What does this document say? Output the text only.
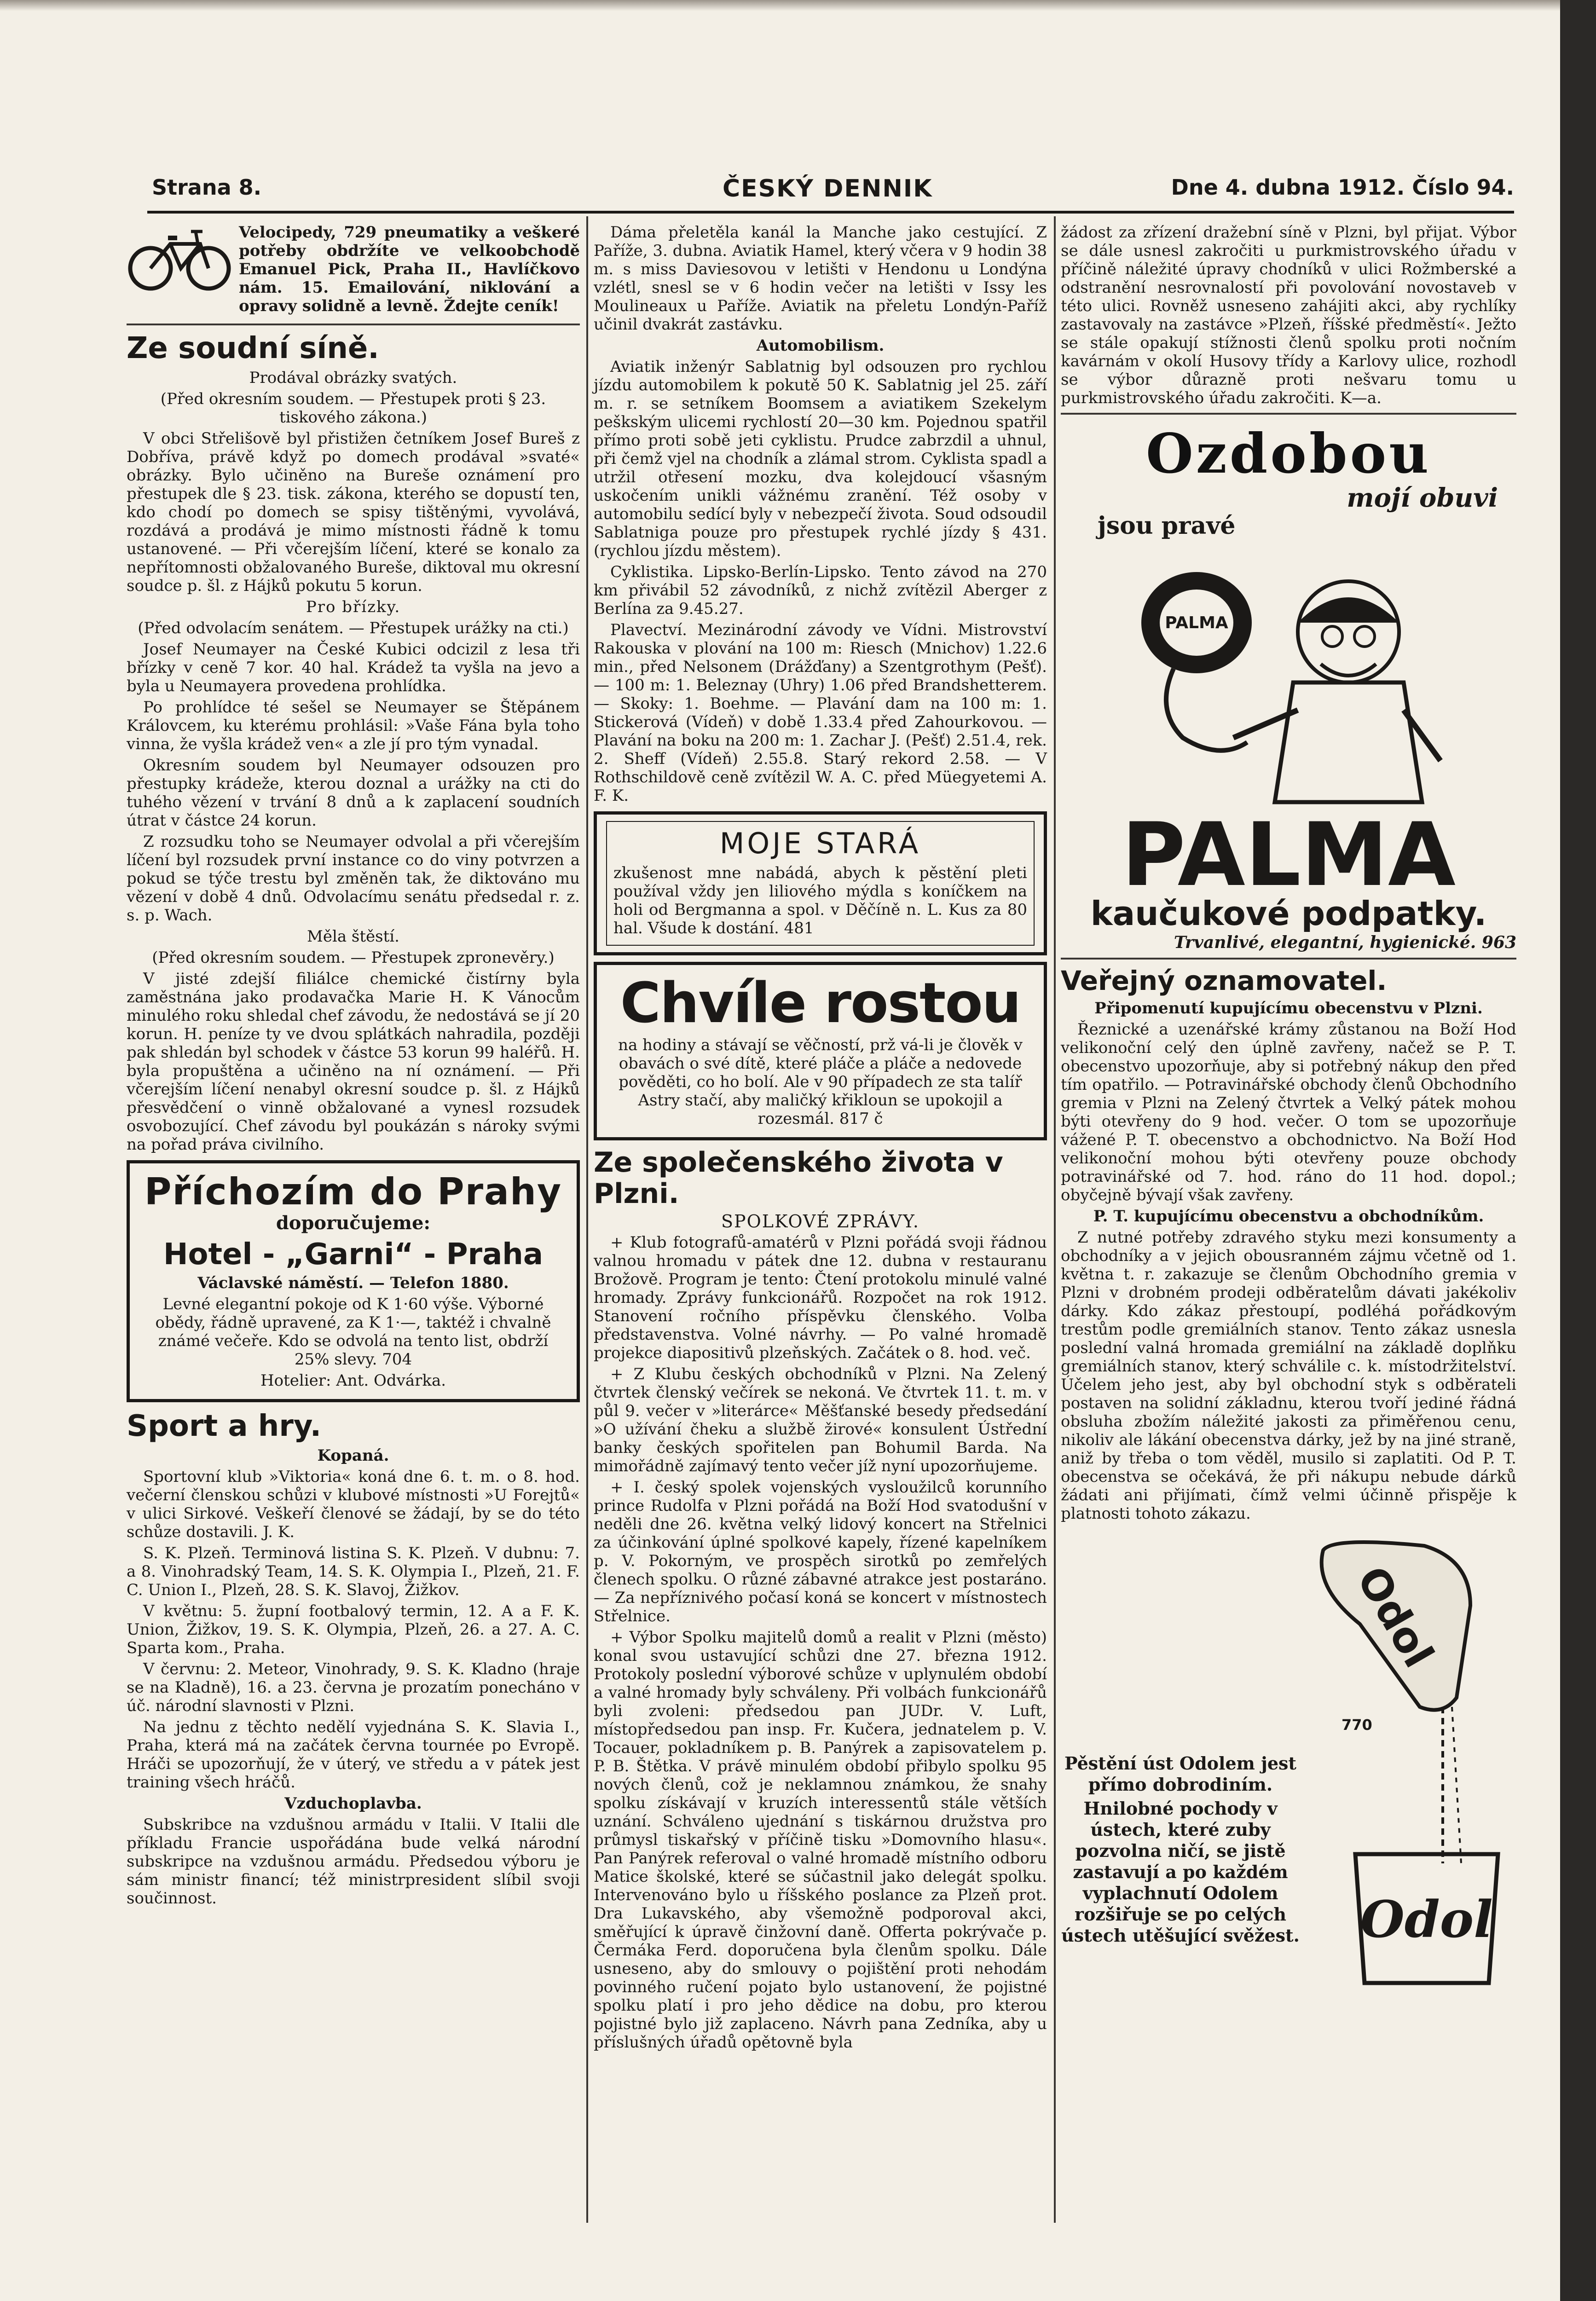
Strana 8.	ČESKÝ DENNIK	Dne 4. dubna 1912. Číslo 94.

Velocipedy, 729 pneumatiky a veškeré potřeby obdržíte ve velkoobchodě Emanuel Pick, Praha II., Havlíčkovo nám. 15. Emailování, niklování a opravy solidně a levně. Ždejte ceník!

Ze soudní síně.

Prodával obrázky svatých.

(Před okresním soudem. — Přestupek proti § 23. tiskového zákona.)

V obci Střelišově byl přistižen četníkem Josef Bureš z Dobříva, právě když po domech prodával »svaté« obrázky. Bylo učiněno na Bureše oznámení pro přestupek dle § 23. tisk. zákona, kterého se dopustí ten, kdo chodí po domech se spisy tištěnými, vyvolává, rozdává a prodává je mimo místnosti řádně k tomu ustanovené. — Při včerejším líčení, které se konalo za nepřítomnosti obžalovaného Bureše, diktoval mu okresní soudce p. šl. z Hájků pokutu 5 korun.

Pro břízky.

(Před odvolacím senátem. — Přestupek urážky na cti.)

Josef Neumayer na České Kubici odcizil z lesa tři břízky v ceně 7 kor. 40 hal. Krádež ta vyšla na jevo a byla u Neumayera provedena prohlídka.

Po prohlídce té sešel se Neumayer se Štěpánem Královcem, ku kterému prohlásil: »Vaše Fána byla toho vinna, že vyšla krádež ven« a zle jí pro tým vynadal.

Okresním soudem byl Neumayer odsouzen pro přestupky krádeže, kterou doznal a urážky na cti do tuhého vězení v trvání 8 dnů a k zaplacení soudních útrat v částce 24 korun.

Z rozsudku toho se Neumayer odvolal a při včerejším líčení byl rozsudek první instance co do viny potvrzen a pokud se týče trestu byl změněn tak, že diktováno mu vězení v době 4 dnů. Odvolacímu senátu předsedal r. z. s. p. Wach.

Měla štěstí.

(Před okresním soudem. — Přestupek zpronevěry.)

V jisté zdejší filiálce chemické čistírny byla zaměstnána jako prodavačka Marie H. K Vánocům minulého roku shledal chef závodu, že nedostává se jí 20 korun. H. peníze ty ve dvou splátkách nahradila, později pak shledán byl schodek v částce 53 korun 99 haléřů. H. byla propuštěna a učiněno na ní oznámení. — Při včerejším líčení nenabyl okresní soudce p. šl. z Hájků přesvědčení o vinně obžalované a vynesl rozsudek osvobozující. Chef závodu byl poukázán s nároky svými na pořad práva civilního.

Příchozím do Prahy

doporučujeme:

Hotel - „Garni“ - Praha

Václavské náměstí. — Telefon 1880.

Levné elegantní pokoje od K 1·60 výše. Výborné obědy, řádně upravené, za K 1·—, taktéž i chvalně známé večeře. Kdo se odvolá na tento list, obdrží 25% slevy. 704

Hotelier: Ant. Odvárka.

Sport a hry.

Kopaná.

Sportovní klub »Viktoria« koná dne 6. t. m. o 8. hod. večerní členskou schůzi v klubové místnosti »U Forejtů« v ulici Sirkové. Veškeří členové se žádají, by se do této schůze dostavili. J. K.

S. K. Plzeň. Terminová listina S. K. Plzeň. V dubnu: 7. a 8. Vinohradský Team, 14. S. K. Olympia I., Plzeň, 21. F. C. Union I., Plzeň, 28. S. K. Slavoj, Žižkov.

V květnu: 5. župní footbalový termin, 12. A a F. K. Union, Žižkov, 19. S. K. Olympia, Plzeň, 26. a 27. A. C. Sparta kom., Praha.

V červnu: 2. Meteor, Vinohrady, 9. S. K. Kladno (hraje se na Kladně), 16. a 23. června je prozatím ponecháno v úč. národní slavnosti v Plzni.

Na jednu z těchto nedělí vyjednána S. K. Slavia I., Praha, která má na začátek června tournée po Evropě. Hráči se upozorňují, že v úterý, ve středu a v pátek jest training všech hráčů.

Vzduchoplavba.

Subskribce na vzdušnou armádu v Italii. V Italii dle příkladu Francie uspořádána bude velká národní subskripce na vzdušnou armádu. Předsedou výboru je sám ministr financí; též ministrpresident slíbil svoji součinnost.

Dáma přeletěla kanál la Manche jako cestující. Z Paříže, 3. dubna. Aviatik Hamel, který včera v 9 hodin 38 m. s miss Daviesovou v letišti v Hendonu u Londýna vzlétl, snesl se v 6 hodin večer na letišti v Issy les Moulineaux u Paříže. Aviatik na přeletu Londýn-Paříž učinil dvakrát zastávku.

Automobilism.

Aviatik inženýr Sablatnig byl odsouzen pro rychlou jízdu automobilem k pokutě 50 K. Sablatnig jel 25. září m. r. se setníkem Boomsem a aviatikem Szekelym peškským ulicemi rychlostí 20—30 km. Pojednou spatřil přímo proti sobě jeti cyklistu. Prudce zabrzdil a uhnul, při čemž vjel na chodník a zlámal strom. Cyklista spadl a utržil otřesení mozku, dva kolejdoucí všasným uskočením unikli vážnému zranění. Též osoby v automobilu sedící byly v nebezpečí života. Soud odsoudil Sablatniga pouze pro přestupek rychlé jízdy § 431. (rychlou jízdu městem).

Cyklistika. Lipsko-Berlín-Lipsko. Tento závod na 270 km přivábil 52 závodníků, z nichž zvítězil Aberger z Berlína za 9.45.27.

Plavectví. Mezinárodní závody ve Vídni. Mistrovství Rakouska v plování na 100 m: Riesch (Mnichov) 1.22.6 min., před Nelsonem (Drážďany) a Szentgrothym (Pešť). — 100 m: 1. Beleznay (Uhry) 1.06 před Brandshetterem. — Skoky: 1. Boehme. — Plavání dam na 100 m: 1. Stickerová (Vídeň) v době 1.33.4 před Zahourkovou. — Plavání na boku na 200 m: 1. Zachar J. (Pešť) 2.51.4, rek. 2. Sheff (Vídeň) 2.55.8. Starý rekord 2.58. — V Rothschildově ceně zvítězil W. A. C. před Müegyetemi A. F. K.

MOJE STARÁ

zkušenost mne nabádá, abych k pěstění pleti používal vždy jen liliového mýdla s koníčkem na holi od Bergmanna a spol. v Děčíně n. L. Kus za 80 hal. Všude k dostání. 481

Chvíle rostou

na hodiny a stávají se věčností, prž vá-li je člověk v obavách o své dítě, které pláče a pláče a nedovede pověděti, co ho bolí. Ale v 90 případech ze sta talíř Astry stačí, aby maličký křikloun se upokojil a rozesmál. 817 č

Ze společenského života v Plzni.

SPOLKOVÉ ZPRÁVY.

+ Klub fotografů-amatérů v Plzni pořádá svoji řádnou valnou hromadu v pátek dne 12. dubna v restauranu Brožově. Program je tento: Čtení protokolu minulé valné hromady. Zprávy funkcionářů. Rozpočet na rok 1912. Stanovení ročního příspěvku členského. Volba představenstva. Volné návrhy. — Po valné hromadě projekce diapositivů plzeňských. Začátek o 8. hod. več.

+ Z Klubu českých obchodníků v Plzni. Na Zelený čtvrtek členský večírek se nekoná. Ve čtvrtek 11. t. m. v půl 9. večer v »literárce« Měšťanské besedy předsedání »O užívání čheku a službě žirové« konsulent Ústřední banky českých spořitelen pan Bohumil Barda. Na mimořádně zajímavý tento večer jíž nyní upozorňujeme.

+ I. český spolek vojenských vysloužilců korunního prince Rudolfa v Plzni pořádá na Boží Hod svatodušní v neděli dne 26. května velký lidový koncert na Střelnici za účinkování úplné spolkové kapely, řízené kapelníkem p. V. Pokorným, ve prospěch sirotků po zemřelých členech spolku. O různé zábavné atrakce jest postaráno. — Za nepříznivého počasí koná se koncert v místnostech Střelnice.

+ Výbor Spolku majitelů domů a realit v Plzni (město) konal svou ustavující schůzi dne 27. března 1912. Protokoly poslední výborové schůze v uplynulém období a valné hromady byly schváleny. Při volbách funkcionářů byli zvoleni: předsedou pan JUDr. V. Luft, místopředsedou pan insp. Fr. Kučera, jednatelem p. V. Tocauer, pokladníkem p. B. Panýrek a zapisovatelem p. P. B. Štětka. V právě minulém období přibylo spolku 95 nových členů, což je neklamnou známkou, že snahy spolku získávají v kruzích interessentů stále větších uznání. Schváleno ujednání s tiskárnou družstva pro průmysl tiskařský v příčině tisku »Domovního hlasu«. Pan Panýrek referoval o valné hromadě místního odboru Matice školské, které se súčastnil jako delegát spolku. Intervenováno bylo u říšského poslance za Plzeň prot. Dra Lukavského, aby všemožně podporoval akci, směřující k úpravě činžovní daně. Offerta pokrývače p. Čermáka Ferd. doporučena byla členům spolku. Dále usneseno, aby do smlouvy o pojištění proti nehodám povinného ručení pojato bylo ustanovení, že pojistné spolku platí i pro jeho dědice na dobu, pro kterou pojistné bylo již zaplaceno. Návrh pana Zedníka, aby u příslušných úřadů opětovně byla

žádost za zřízení dražební síně v Plzni, byl přijat. Výbor se dále usnesl zakročiti u purkmistrovského úřadu v příčině náležité úpravy chodníků v ulici Rožmberské a odstranění nesrovnalostí při povolování novostaveb v této ulici. Rovněž usneseno zahájiti akci, aby rychlíky zastavovaly na zastávce »Plzeň, říšské předměstí«. Ježto se stále opakují stížnosti členů spolku proti nočním kavárnám v okolí Husovy třídy a Karlovy ulice, rozhodl se výbor důrazně proti nešvaru tomu u purkmistrovského úřadu zakročiti. K—a.

Ozdobou
mojí obuvi
jsou pravé
PALMA
PALMA
kaučukové podpatky.
Trvanlivé, elegantní, hygienické. 963
Veřejný oznamovatel.

Připomenutí kupujícímu obecenstvu v Plzni.

Řeznické a uzenářské krámy zůstanou na Boží Hod velikonoční celý den úplně zavřeny, načež se P. T. obecenstvo upozorňuje, aby si potřebný nákup den před tím opatřilo. — Potravinářské obchody členů Obchodního gremia v Plzni na Zelený čtvrtek a Velký pátek mohou býti otevřeny do 9 hod. večer. O tom se upozorňuje vážené P. T. obecenstvo a obchodnictvo. Na Boží Hod velikonoční mohou býti otevřeny pouze obchody potravinářské od 7. hod. ráno do 11 hod. dopol.; obyčejně bývají však zavřeny.

P. T. kupujícímu obecenstvu a obchodníkům.

Z nutné potřeby zdravého styku mezi konsumenty a obchodníky a v jejich obousranném zájmu včetně od 1. května t. r. zakazuje se členům Obchodního gremia v Plzni v drobném prodeji odběratelům dávati jakékoliv dárky. Kdo zákaz přestoupí, podléhá pořádkovým trestům podle gremiálních stanov. Tento zákaz usnesla poslední valná hromada gremiální na základě doplňku gremiálních stanov, který schválile c. k. místodržitelství. Účelem jeho jest, aby byl obchodní styk s odběrateli postaven na solidní základnu, kterou tvoří jediné řádná obsluha zbožím náležité jakosti za přiměřenou cenu, nikoliv ale lákání obecenstva dárky, jež by na jiné straně, aniž by třeba o tom věděl, musilo si zaplatiti. Od P. T. obecenstva se očekává, že při nákupu nebude dárků žádati ani přijímati, čímž velmi účinně přispěje k platnosti tohoto zákazu.

Pěstění úst Odolem jest přímo dobrodiním.

Hnilobné pochody v ústech, které zuby pozvolna ničí, se jistě zastavují a po každém vyplachnutí Odolem rozšiřuje se po celých ústech utěšující svěžest.

Odol
770
Odol
